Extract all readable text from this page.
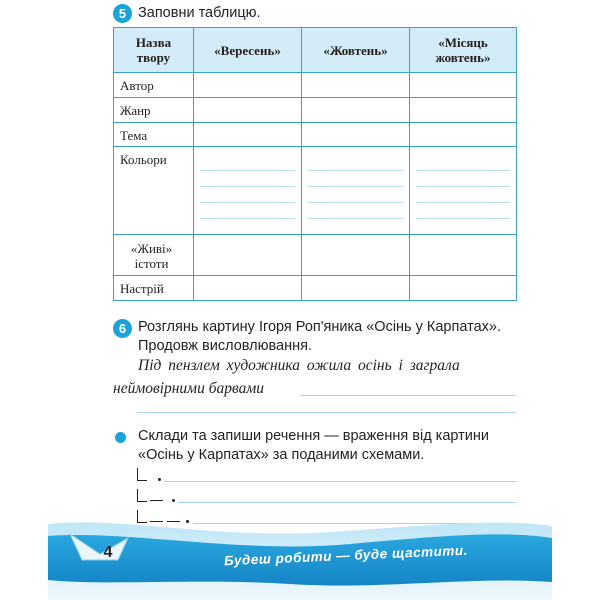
5 Заповни таблицю.
Назва твору	«Вересень»	«Жовтень»	«Місяць жовтень»
Автор			
Жанр			
Тема			
Кольори	

«Живі» істоти			
Настрій			
6 Розглянь картину Ігоря Роп'яника «Осінь у Карпатах».
Продовж висловлювання.
Під пензлем художника ожила осінь і заграла
неймовірними барвами
Склади та запиши речення — враження від картини
«Осінь у Карпатах» за поданими схемами.
4	Будеш робити — буде щастити.
